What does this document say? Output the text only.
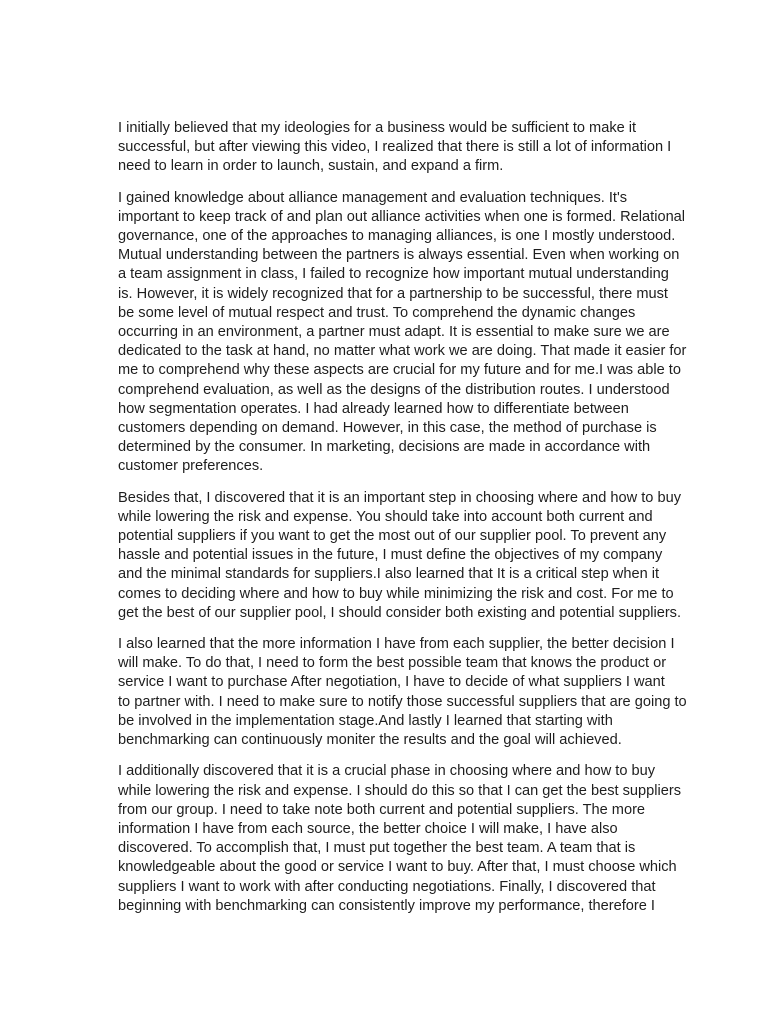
I initially believed that my ideologies for a business would be sufficient to make it
successful, but after viewing this video, I realized that there is still a lot of information I
need to learn in order to launch, sustain, and expand a firm.

I gained knowledge about alliance management and evaluation techniques. It's
important to keep track of and plan out alliance activities when one is formed. Relational
governance, one of the approaches to managing alliances, is one I mostly understood.
Mutual understanding between the partners is always essential. Even when working on
a team assignment in class, I failed to recognize how important mutual understanding
is. However, it is widely recognized that for a partnership to be successful, there must
be some level of mutual respect and trust. To comprehend the dynamic changes
occurring in an environment, a partner must adapt. It is essential to make sure we are
dedicated to the task at hand, no matter what work we are doing. That made it easier for
me to comprehend why these aspects are crucial for my future and for me.I was able to
comprehend evaluation, as well as the designs of the distribution routes. I understood
how segmentation operates. I had already learned how to differentiate between
customers depending on demand. However, in this case, the method of purchase is
determined by the consumer. In marketing, decisions are made in accordance with
customer preferences.

Besides that, I discovered that it is an important step in choosing where and how to buy
while lowering the risk and expense. You should take into account both current and
potential suppliers if you want to get the most out of our supplier pool. To prevent any
hassle and potential issues in the future, I must define the objectives of my company
and the minimal standards for suppliers.I also learned that It is a critical step when it
comes to deciding where and how to buy while minimizing the risk and cost. For me to
get the best of our supplier pool, I should consider both existing and potential suppliers.

I also learned that the more information I have from each supplier, the better decision I
will make. To do that, I need to form the best possible team that knows the product or
service I want to purchase After negotiation, I have to decide of what suppliers I want
to partner with. I need to make sure to notify those successful suppliers that are going to
be involved in the implementation stage.And lastly I learned that starting with
benchmarking can continuously moniter the results and the goal will achieved.

I additionally discovered that it is a crucial phase in choosing where and how to buy
while lowering the risk and expense. I should do this so that I can get the best suppliers
from our group. I need to take note both current and potential suppliers. The more
information I have from each source, the better choice I will make, I have also
discovered. To accomplish that, I must put together the best team. A team that is
knowledgeable about the good or service I want to buy. After that, I must choose which
suppliers I want to work with after conducting negotiations. Finally, I discovered that
beginning with benchmarking can consistently improve my performance, therefore I
